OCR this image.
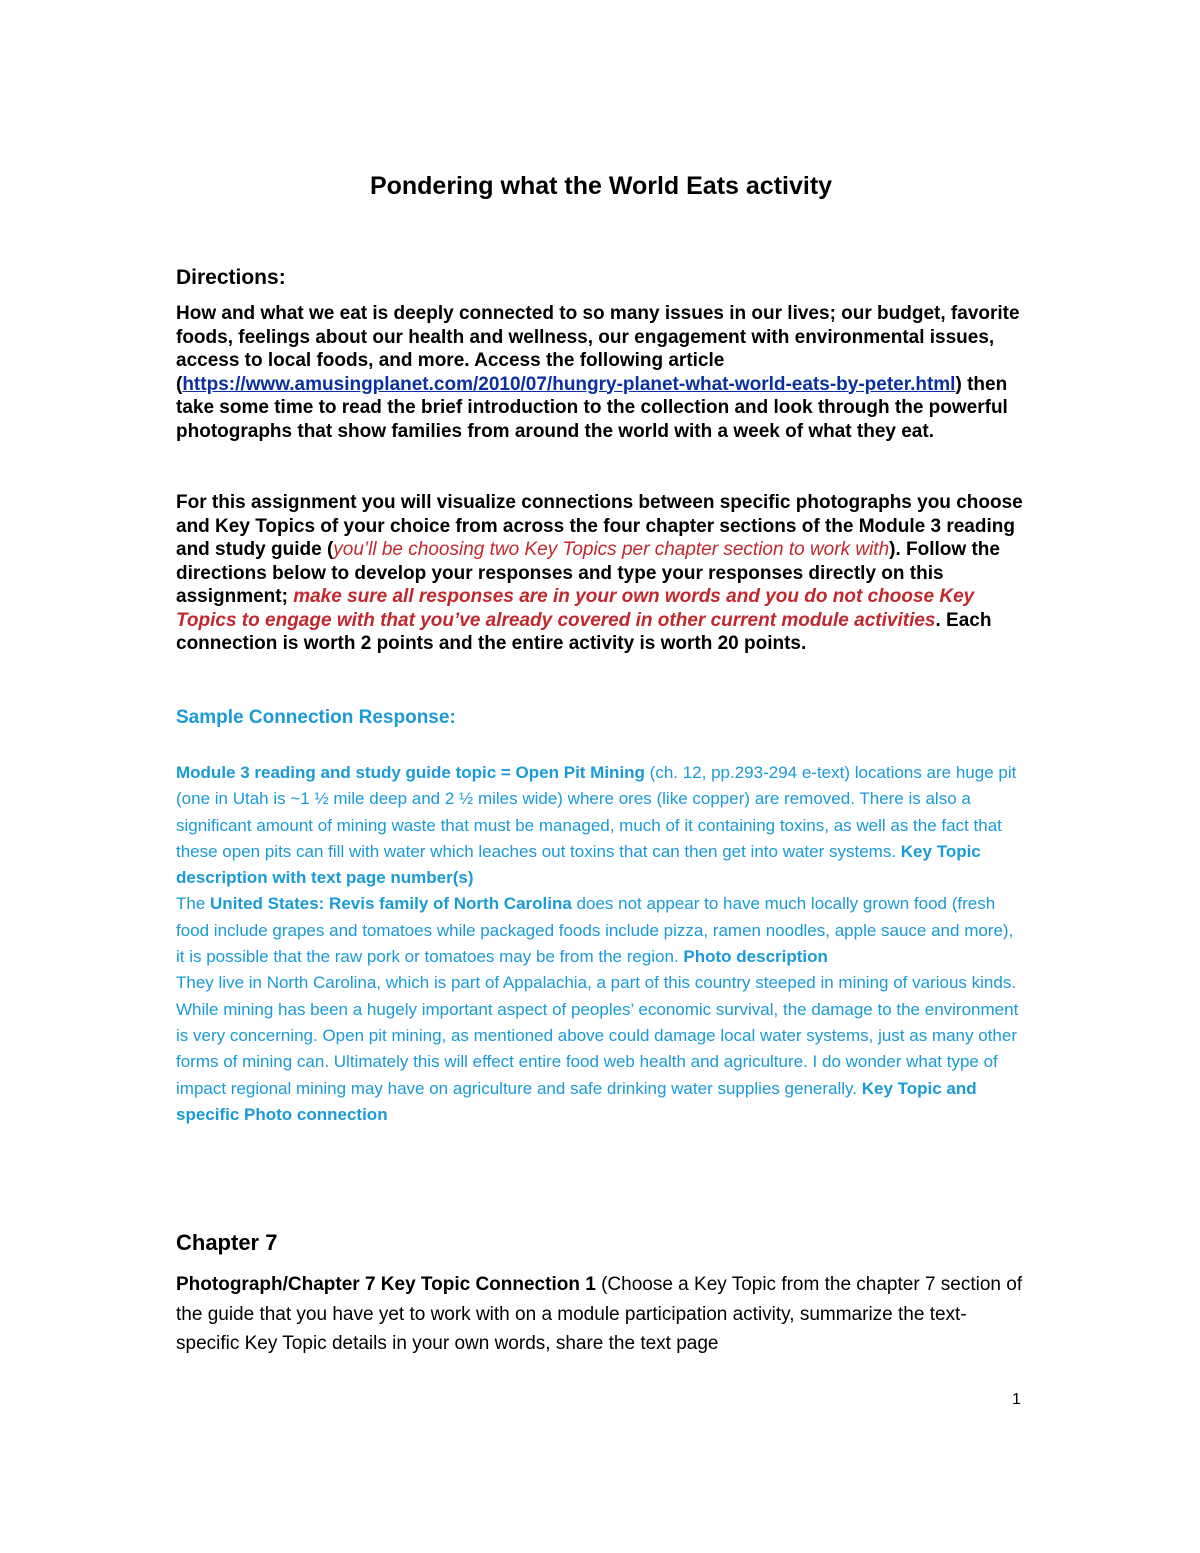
Pondering what the World Eats activity
Directions:
How and what we eat is deeply connected to so many issues in our lives; our budget, favorite foods, feelings about our health and wellness, our engagement with environmental issues, access to local foods, and more. Access the following article (https://www.amusingplanet.com/2010/07/hungry-planet-what-world-eats-by-peter.html) then take some time to read the brief introduction to the collection and look through the powerful photographs that show families from around the world with a week of what they eat.
For this assignment you will visualize connections between specific photographs you choose and Key Topics of your choice from across the four chapter sections of the Module 3 reading and study guide (you’ll be choosing two Key Topics per chapter section to work with). Follow the directions below to develop your responses and type your responses directly on this assignment; make sure all responses are in your own words and you do not choose Key Topics to engage with that you’ve already covered in other current module activities. Each connection is worth 2 points and the entire activity is worth 20 points.
Sample Connection Response:
Module 3 reading and study guide topic = Open Pit Mining (ch. 12, pp.293-294 e-text) locations are huge pit (one in Utah is ~1 ½ mile deep and 2 ½ miles wide) where ores (like copper) are removed. There is also a significant amount of mining waste that must be managed, much of it containing toxins, as well as the fact that these open pits can fill with water which leaches out toxins that can then get into water systems. Key Topic description with text page number(s)
The United States: Revis family of North Carolina does not appear to have much locally grown food (fresh food include grapes and tomatoes while packaged foods include pizza, ramen noodles, apple sauce and more), it is possible that the raw pork or tomatoes may be from the region. Photo description
They live in North Carolina, which is part of Appalachia, a part of this country steeped in mining of various kinds. While mining has been a hugely important aspect of peoples’ economic survival, the damage to the environment is very concerning. Open pit mining, as mentioned above could damage local water systems, just as many other forms of mining can. Ultimately this will effect entire food web health and agriculture. I do wonder what type of impact regional mining may have on agriculture and safe drinking water supplies generally. Key Topic and specific Photo connection
Chapter 7
Photograph/Chapter 7 Key Topic Connection 1 (Choose a Key Topic from the chapter 7 section of the guide that you have yet to work with on a module participation activity, summarize the text-specific Key Topic details in your own words, share the text page
1
